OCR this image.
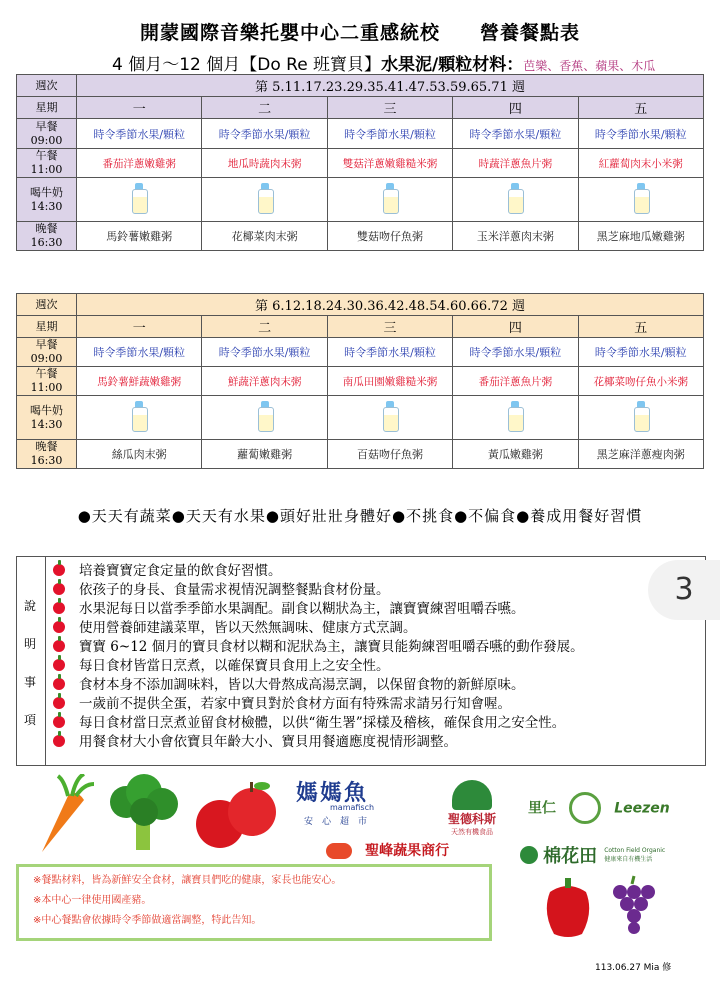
開蒙國際音樂托嬰中心二重感統校　　營養餐點表
4 個月～12 個月【Do Re 班寶貝】水果泥/顆粒材料：芭樂、香蕉、蘋果、木瓜
週次	第 5.11.17.23.29.35.41.47.53.59.65.71 週				
星期	一	二	三	四	五
早餐
09:00	時令季節水果/顆粒	時令季節水果/顆粒	時令季節水果/顆粒	時令季節水果/顆粒	時令季節水果/顆粒
午餐
11:00	番茄洋蔥嫩雞粥	地瓜時蔬肉末粥	雙菇洋蔥嫩雞糙米粥	時蔬洋蔥魚片粥	紅蘿蔔肉末小米粥
喝牛奶
14:30	

晚餐
16:30	馬鈴薯嫩雞粥	花椰菜肉末粥	雙菇吻仔魚粥	玉米洋蔥肉末粥	黑芝麻地瓜嫩雞粥
週次	第 6.12.18.24.30.36.42.48.54.60.66.72 週				
星期	一	二	三	四	五
早餐
09:00	時令季節水果/顆粒	時令季節水果/顆粒	時令季節水果/顆粒	時令季節水果/顆粒	時令季節水果/顆粒
午餐
11:00	馬鈴薯鮮蔬嫩雞粥	鮮蔬洋蔥肉末粥	南瓜田園嫩雞糙米粥	番茄洋蔥魚片粥	花椰菜吻仔魚小米粥
喝牛奶
14:30	

晚餐
16:30	絲瓜肉末粥	蘿蔔嫩雞粥	百菇吻仔魚粥	黃瓜嫩雞粥	黑芝麻洋蔥瘦肉粥
●天天有蔬菜●天天有水果●頭好壯壯身體好●不挑食●不偏食●養成用餐好習慣
說
明
事
項
培養寶寶定食定量的飲食好習慣。
依孩子的身長、食量需求視情況調整餐點食材份量。
水果泥每日以當季季節水果調配。副食以糊狀為主，讓寶寶練習咀嚼吞嚥。
使用營養師建議菜單，皆以天然無調味、健康方式烹調。
寶寶 6~12 個月的寶貝食材以糊和泥狀為主，讓寶貝能夠練習咀嚼吞嚥的動作發展。
每日食材皆當日烹煮，以確保寶貝食用上之安全性。
食材本身不添加調味料，皆以大骨熬成高湯烹調，以保留食物的新鮮原味。
一歲前不提供全蛋，若家中寶貝對於食材方面有特殊需求請另行知會喔。
每日食材當日烹煮並留食材檢體，以供“衛生署”採樣及稽核，確保食用之安全性。
用餐食材大小會依寶貝年齡大小、寶貝用餐適應度視情形調整。
3
媽媽魚
mamafisch
安　心　超　市	聖德科斯
天然有機食品
里仁	Leezen
聖峰蔬果商行	棉花田 Cotton Field Organic
健康來自有機生活
※餐點材料，皆為新鮮安全食材，讓寶貝們吃的健康，家長也能安心。
※本中心一律使用國產豬。
※中心餐點會依據時令季節做適當調整，特此告知。
113.06.27 Mia 修
